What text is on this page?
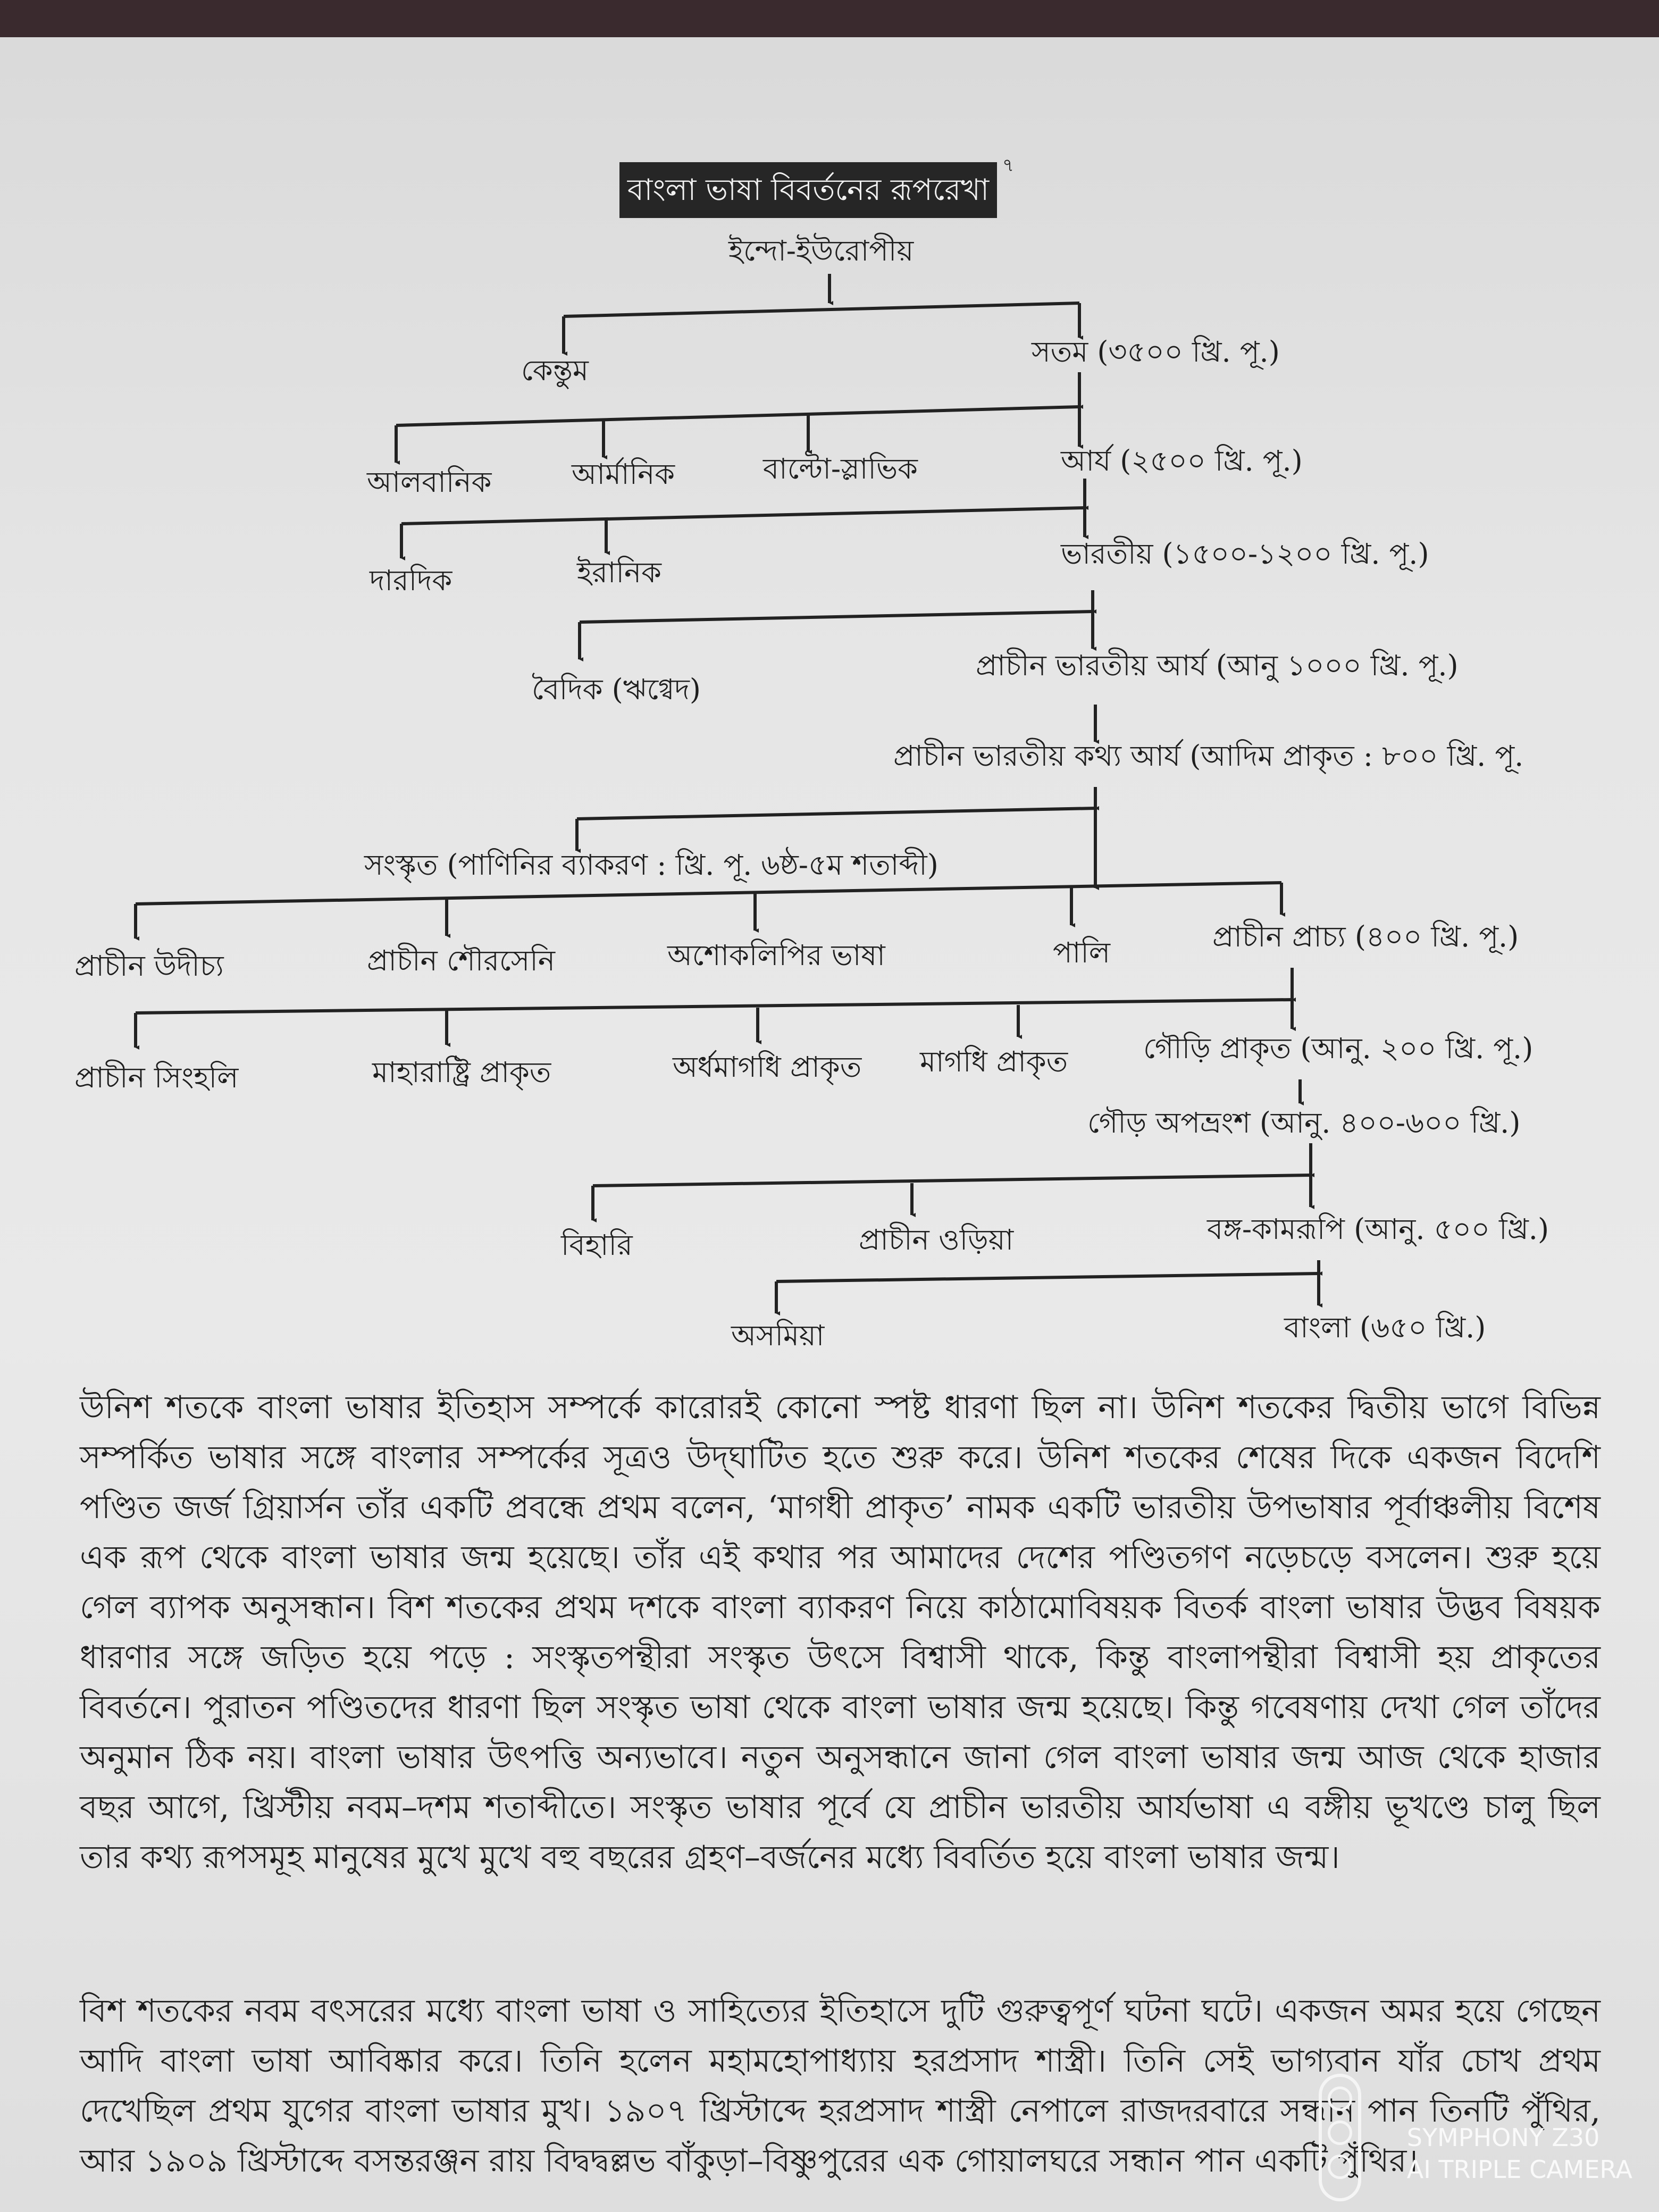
বাংলা ভাষা বিবর্তনের রূপরেখা
৭
ইন্দো-ইউরোপীয়
কেন্তুম
সতম (৩৫০০ খ্রি. পূ.)
আলবানিক	আর্মানিক	বাল্টো-স্লাভিক	আর্য (২৫০০ খ্রি. পূ.)
দারদিক	ইরানিক
ভারতীয় (১৫০০-১২০০ খ্রি. পূ.)
বৈদিক (ঋগ্বেদ)
প্রাচীন ভারতীয় আর্য (আনু ১০০০ খ্রি. পূ.)
প্রাচীন ভারতীয় কথ্য আর্য (আদিম প্রাকৃত : ৮০০ খ্রি. পূ.
সংস্কৃত (পাণিনির ব্যাকরণ : খ্রি. পূ. ৬ষ্ঠ-৫ম শতাব্দী)
প্রাচীন উদীচ্য	প্রাচীন শৌরসেনি	অশোকলিপির ভাষা	পালি	প্রাচীন প্রাচ্য (৪০০ খ্রি. পূ.)
প্রাচীন সিংহলি	মাহারাষ্ট্রি প্রাকৃত	অর্ধমাগধি প্রাকৃত মাগধি প্রাকৃত	গৌড়ি প্রাকৃত (আনু. ২০০ খ্রি. পূ.)
গৌড় অপভ্রংশ (আনু. ৪০০-৬০০ খ্রি.)
বিহারি	প্রাচীন ওড়িয়া	বঙ্গ-কামরূপি (আনু. ৫০০ খ্রি.)
অসমিয়া	বাংলা (৬৫০ খ্রি.)

উনিশ শতকে বাংলা ভাষার ইতিহাস সম্পর্কে কারোরই কোনো স্পষ্ট ধারণা ছিল না। উনিশ শতকের দ্বিতীয় ভাগে বিভিন্ন সম্পর্কিত ভাষার সঙ্গে বাংলার সম্পর্কের সূত্রও উদ্‌ঘাটিত হতে শুরু করে। উনিশ শতকের শেষের দিকে একজন বিদেশি পণ্ডিত জর্জ গ্রিয়ার্সন তাঁর একটি প্রবন্ধে প্রথম বলেন, ‘মাগধী প্রাকৃত’ নামক একটি ভারতীয় উপভাষার পূর্বাঞ্চলীয় বিশেষ এক রূপ থেকে বাংলা ভাষার জন্ম হয়েছে। তাঁর এই কথার পর আমাদের দেশের পণ্ডিতগণ নড়েচড়ে বসলেন। শুরু হয়ে গেল ব্যাপক অনুসন্ধান। বিশ শতকের প্রথম দশকে বাংলা ব্যাকরণ নিয়ে কাঠামোবিষয়ক বিতর্ক বাংলা ভাষার উদ্ভব বিষয়ক ধারণার সঙ্গে জড়িত হয়ে পড়ে : সংস্কৃতপন্থীরা সংস্কৃত উৎসে বিশ্বাসী থাকে, কিন্তু বাংলাপন্থীরা বিশ্বাসী হয় প্রাকৃতের বিবর্তনে। পুরাতন পণ্ডিতদের ধারণা ছিল সংস্কৃত ভাষা থেকে বাংলা ভাষার জন্ম হয়েছে। কিন্তু গবেষণায় দেখা গেল তাঁদের অনুমান ঠিক নয়। বাংলা ভাষার উৎপত্তি অন্যভাবে। নতুন অনুসন্ধানে জানা গেল বাংলা ভাষার জন্ম আজ থেকে হাজার বছর আগে, খ্রিস্টীয় নবম–দশম শতাব্দীতে। সংস্কৃত ভাষার পূর্বে যে প্রাচীন ভারতীয় আর্যভাষা এ বঙ্গীয় ভূখণ্ডে চালু ছিল তার কথ্য রূপসমূহ মানুষের মুখে মুখে বহু বছরের গ্রহণ–বর্জনের মধ্যে বিবর্তিত হয়ে বাংলা ভাষার জন্ম।

বিশ শতকের নবম বৎসরের মধ্যে বাংলা ভাষা ও সাহিত্যের ইতিহাসে দুটি গুরুত্বপূর্ণ ঘটনা ঘটে। একজন অমর হয়ে গেছেন আদি বাংলা ভাষা আবিষ্কার করে। তিনি হলেন মহামহোপাধ্যায় হরপ্রসাদ শাস্ত্রী। তিনি সেই ভাগ্যবান যাঁর চোখ প্রথম দেখেছিল প্রথম যুগের বাংলা ভাষার মুখ। ১৯০৭ খ্রিস্টাব্দে হরপ্রসাদ শাস্ত্রী নেপালে রাজদরবারে সন্ধান পান তিনটি পুঁথির, আর ১৯০৯ খ্রিস্টাব্দে বসন্তরঞ্জন রায় বিদ্বদ্বল্লভ বাঁকুড়া–বিষ্ণুপুরের এক গোয়ালঘরে সন্ধান পান একটি পুঁথির।

SYMPHONY Z30
AI TRIPLE CAMERA
